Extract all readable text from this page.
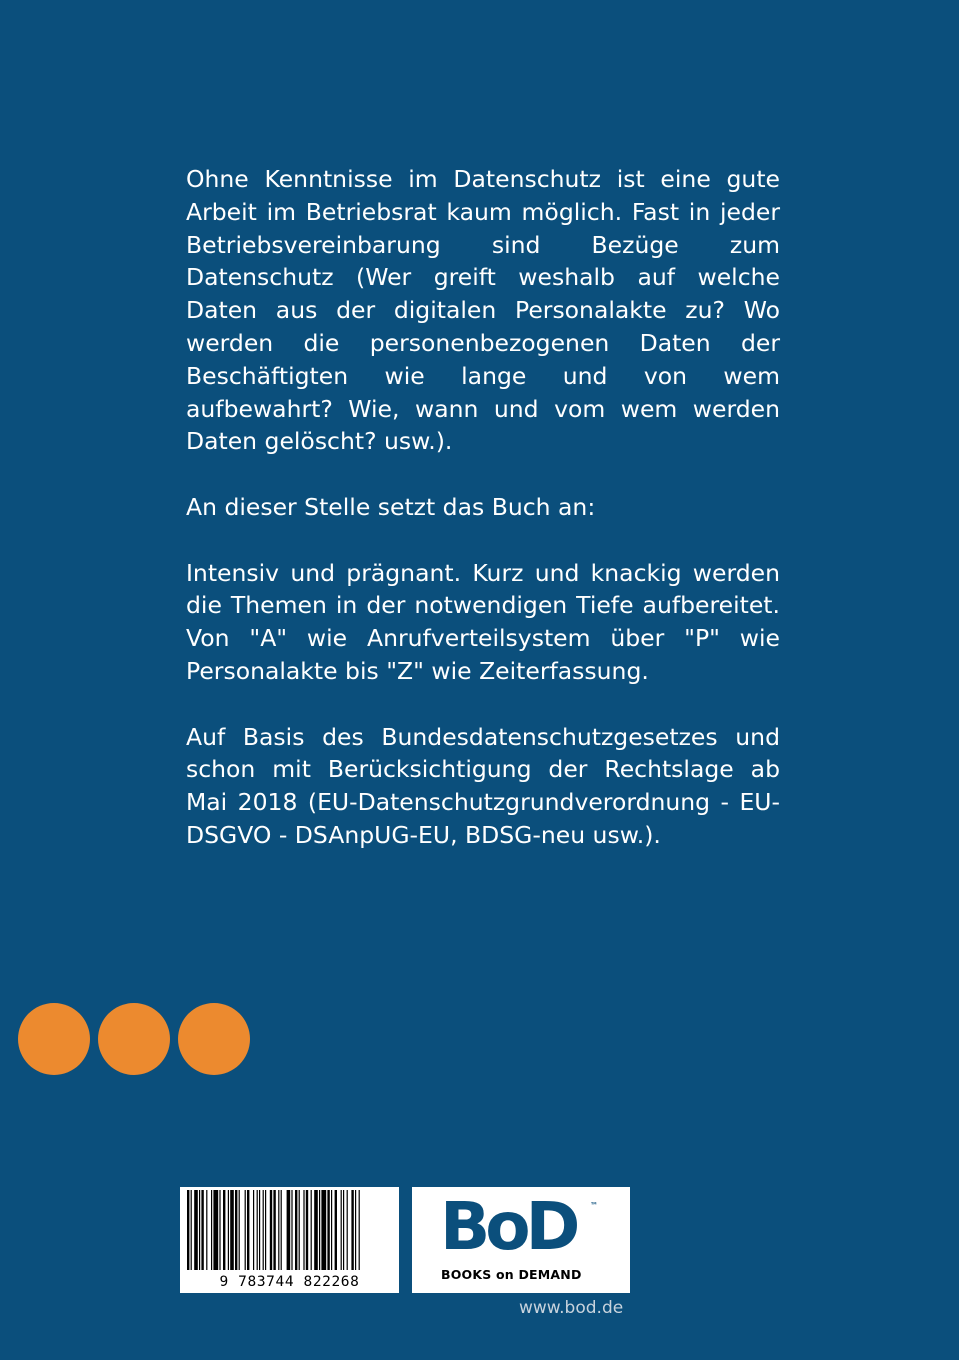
Ohne Kenntnisse im Datenschutz ist eine gute Arbeit im Betriebsrat kaum möglich. Fast in jeder Betriebsvereinbarung sind Bezüge zum Datenschutz (Wer greift weshalb auf welche Daten aus der digitalen Personalakte zu? Wo werden die personenbezogenen Daten der Beschäftigten wie lange und von wem aufbewahrt? Wie, wann und vom wem werden Daten gelöscht? usw.).

An dieser Stelle setzt das Buch an:

Intensiv und prägnant. Kurz und knackig werden die Themen in der notwendigen Tiefe aufbereitet. Von "A" wie Anrufverteilsystem über "P" wie Personalakte bis "Z" wie Zeiterfassung.

Auf Basis des Bundesdatenschutzgesetzes und schon mit Berücksichtigung der Rechtslage ab Mai 2018 (EU-Datenschutzgrundverordnung - EU-DSGVO - DSAnpUG-EU, BDSG-neu usw.).

9 783744 822268
BoD ™
BOOKS on DEMAND
www.bod.de
